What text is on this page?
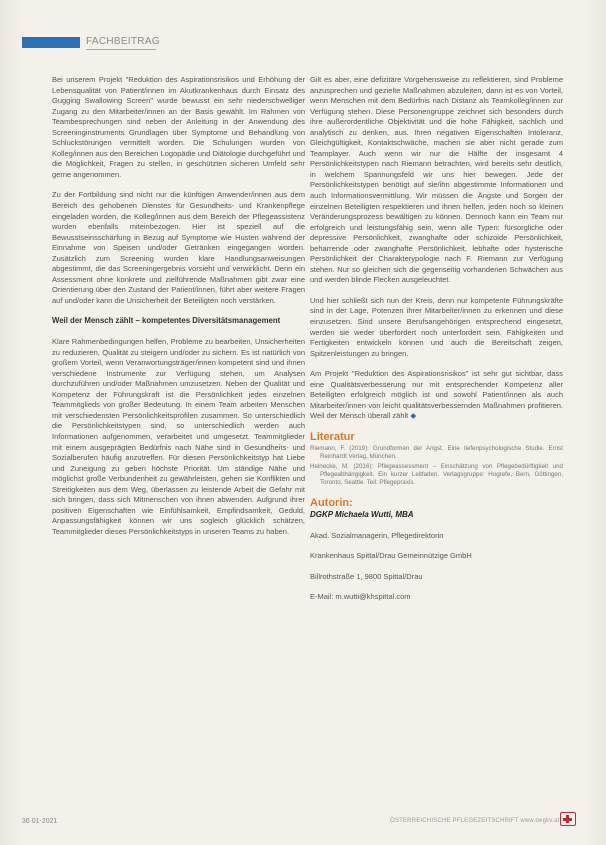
FACHBEITRAG

Bei unserem Projekt "Reduktion des Aspirationsrisikos und Erhöhung der Lebensqualität von Patient/innen im Akutkrankenhaus durch Einsatz des Gugging Swallowing Screen" wurde bewusst ein sehr niederschwelliger Zugang zu den Mitarbeiter/innen an der Basis gewählt. Im Rahmen von Teambesprechungen sind neben der Anleitung in der Anwendung des Screeninginstruments Grundlagen über Symptome und Behandlung von Schluckstörungen vermittelt worden. Die Schulungen wurden von Kolleg/innen aus den Bereichen Logopädie und Diätologie durchgeführt und die Möglichkeit, Fragen zu stellen, in geschützten sicheren Umfeld sehr gerne angenommen.

Zu der Fortbildung sind nicht nur die künftigen Anwender/innen aus dem Bereich des gehobenen Dienstes für Gesundheits- und Krankenpflege eingeladen worden, die Kolleg/innen aus dem Bereich der Pflegeassistenz wurden ebenfalls miteinbezogen. Hier ist speziell auf die Bewusstseinsschärfung in Bezug auf Symptome wie Husten während der Einnahme von Speisen und/oder Getränken eingegangen worden. Zusätzlich zum Screening wurden klare Handlungsanweisungen abgestimmt, die das Screeningergebnis vorsieht und verwirklicht. Denn ein Assessment ohne konkrete und zielführende Maßnahmen gibt zwar eine Orientierung über den Zustand der Patient/innen, führt aber weitere Fragen auf und/oder kann die Unsicherheit der Beteiligten noch verstärken.

Weil der Mensch zählt – kompetentes Diversitätsmanagement

Klare Rahmenbedingungen helfen, Probleme zu bearbeiten, Unsicherheiten zu reduzieren, Qualität zu steigern und/oder zu sichern. Es ist natürlich von großem Vorteil, wenn Veranwortungsträger/innen kompetent sind und ihnen verschiedene Instrumente zur Verfügung stehen, um Analysen durchzuführen und/oder Maßnahmen umzusetzen. Neben der Qualität und Kompetenz der Führungskraft ist die Persönlichkeit jedes einzelnen Teammitglieds von großer Bedeutung. In einem Team arbeiten Menschen mit verschiedensten Persönlichkeitsprofilen zusammen. So unterschiedlich die Persönlichkeitstypen sind, so unterschiedlich werden auch Informationen aufgenommen, verarbeitet und umgesetzt. Teammitglieder mit einem ausgeprägten Bedürfnis nach Nähe sind in Gesundheits- und Sozialberufen häufig anzutreffen. Für diesen Persönlichkeitstyp hat Liebe und Zuneigung zu geben höchste Priorität. Um ständige Nähe und möglichst große Verbundenheit zu gewährleisten, gehen sie Konflikten und Streitigkeiten aus dem Weg, überlassen zu leistende Arbeit die Gefahr mit sich bringen, dass sich Mitmenschen von ihnen abwenden. Aufgrund ihrer positiven Eigenschaften wie Einfühlsamkeit, Empfindsamkeit, Geduld, Anpassungsfähigkeit können wir uns sogleich glücklich schätzen, Teammitglieder dieses Persönlichkeitstyps in unseren Teams zu haben.

Gilt es aber, eine defizitäre Vorgehensweise zu reflektieren, sind Probleme anzusprechen und gezielte Maßnahmen abzuleiten, dann ist es von Vorteil, wenn Menschen mit dem Bedürfnis nach Distanz als Teamkolleg/innen zur Verfügung stehen. Diese Personengruppe zeichnet sich besonders durch ihre außerordentliche Objektivität und die hohe Fähigkeit, sachlich und analytisch zu denken, aus. Ihren negativen Eigenschaften Intoleranz, Gleichgültigkeit, Kontaktschwäche, machen sie aber nicht gerade zum Teamplayer. Auch wenn wir nur die Hälfte der insgesamt 4 Persönlichkeitstypen nach Riemann betrachten, wird bereits sehr deutlich, in welchem Spannungsfeld wir uns hier bewegen. Jede der Persönlichkeitstypen benötigt auf sie/ihn abgestimmte Informationen und auch Informationsvermittlung. Wir müssen die Ängste und Sorgen der einzelnen Beteiligten respektieren und ihnen helfen, jeden noch so kleinen Veränderungsprozess bewältigen zu können. Dennoch kann ein Team nur erfolgreich und leistungsfähig sein, wenn alle Typen: fürsorgliche oder depressive Persönlichkeit, zwanghafte oder schizoide Persönlichkeit, beharrende oder zwanghafte Persönlichkeit, lebhafte oder hysterische Persönlichkeit der Charakterypologie nach F. Riemann zur Verfügung stehen. Nur so gleichen sich die gegenseitig vorhandenen Schwächen aus und werden blinde Flecken ausgeleuchtet.

Und hier schließt sich nun der Kreis, denn nur kompetente Führungskräfte sind in der Lage, Potenzen ihrer Mitarbeiter/innen zu erkennen und diese einzusetzen. Sind unsere Berufsangehörigen entsprechend eingesetzt, werden sie weder überfordert noch unterfordert sein. Fähigkeiten und Fertigkeiten entwickeln können und auch die Bereitschaft zeigen, Spitzenleistungen zu bringen.

Am Projekt "Reduktion des Aspirationsrisikos" ist sehr gut sichtbar, dass eine Qualitätsverbesserung nur mit entsprechender Kompetenz aller Beteiligten erfolgreich möglich ist und sowohl Patient/innen als auch Mitarbeiter/innen von leicht qualitätsverbessernden Maßnahmen profitieren. Weil der Mensch überall zählt ◆

Literatur
Riemann, F. (2019): Grundformen der Angst. Eine tiefenpsychologische Studie. Ernst Reinhardt Verlag, München.
Heinecke, M. (2016): Pflegeassessment – Einschätzung von Pflegebedürftigkeit und Pflegeabhängigkeit. Ein kurzer Leitfaden. Verlagsgruppe: Hogrefe, Bern, Göttingen, Toronto, Seattle. Teil: Pflegepraxis.
Autorin:

DGKP Michaela Wutti, MBA

Akad. Sozialmanagerin, Pflegedirektorin

Krankenhaus Spittal/Drau Gemeinnützige GmbH

Billrothstraße 1, 9800 Spittal/Drau

E-Mail: m.wutti@khspittal.com

36 01-2021	ÖSTERREICHISCHE PFLEGEZEITSCHRIFT www.oegkv.at
